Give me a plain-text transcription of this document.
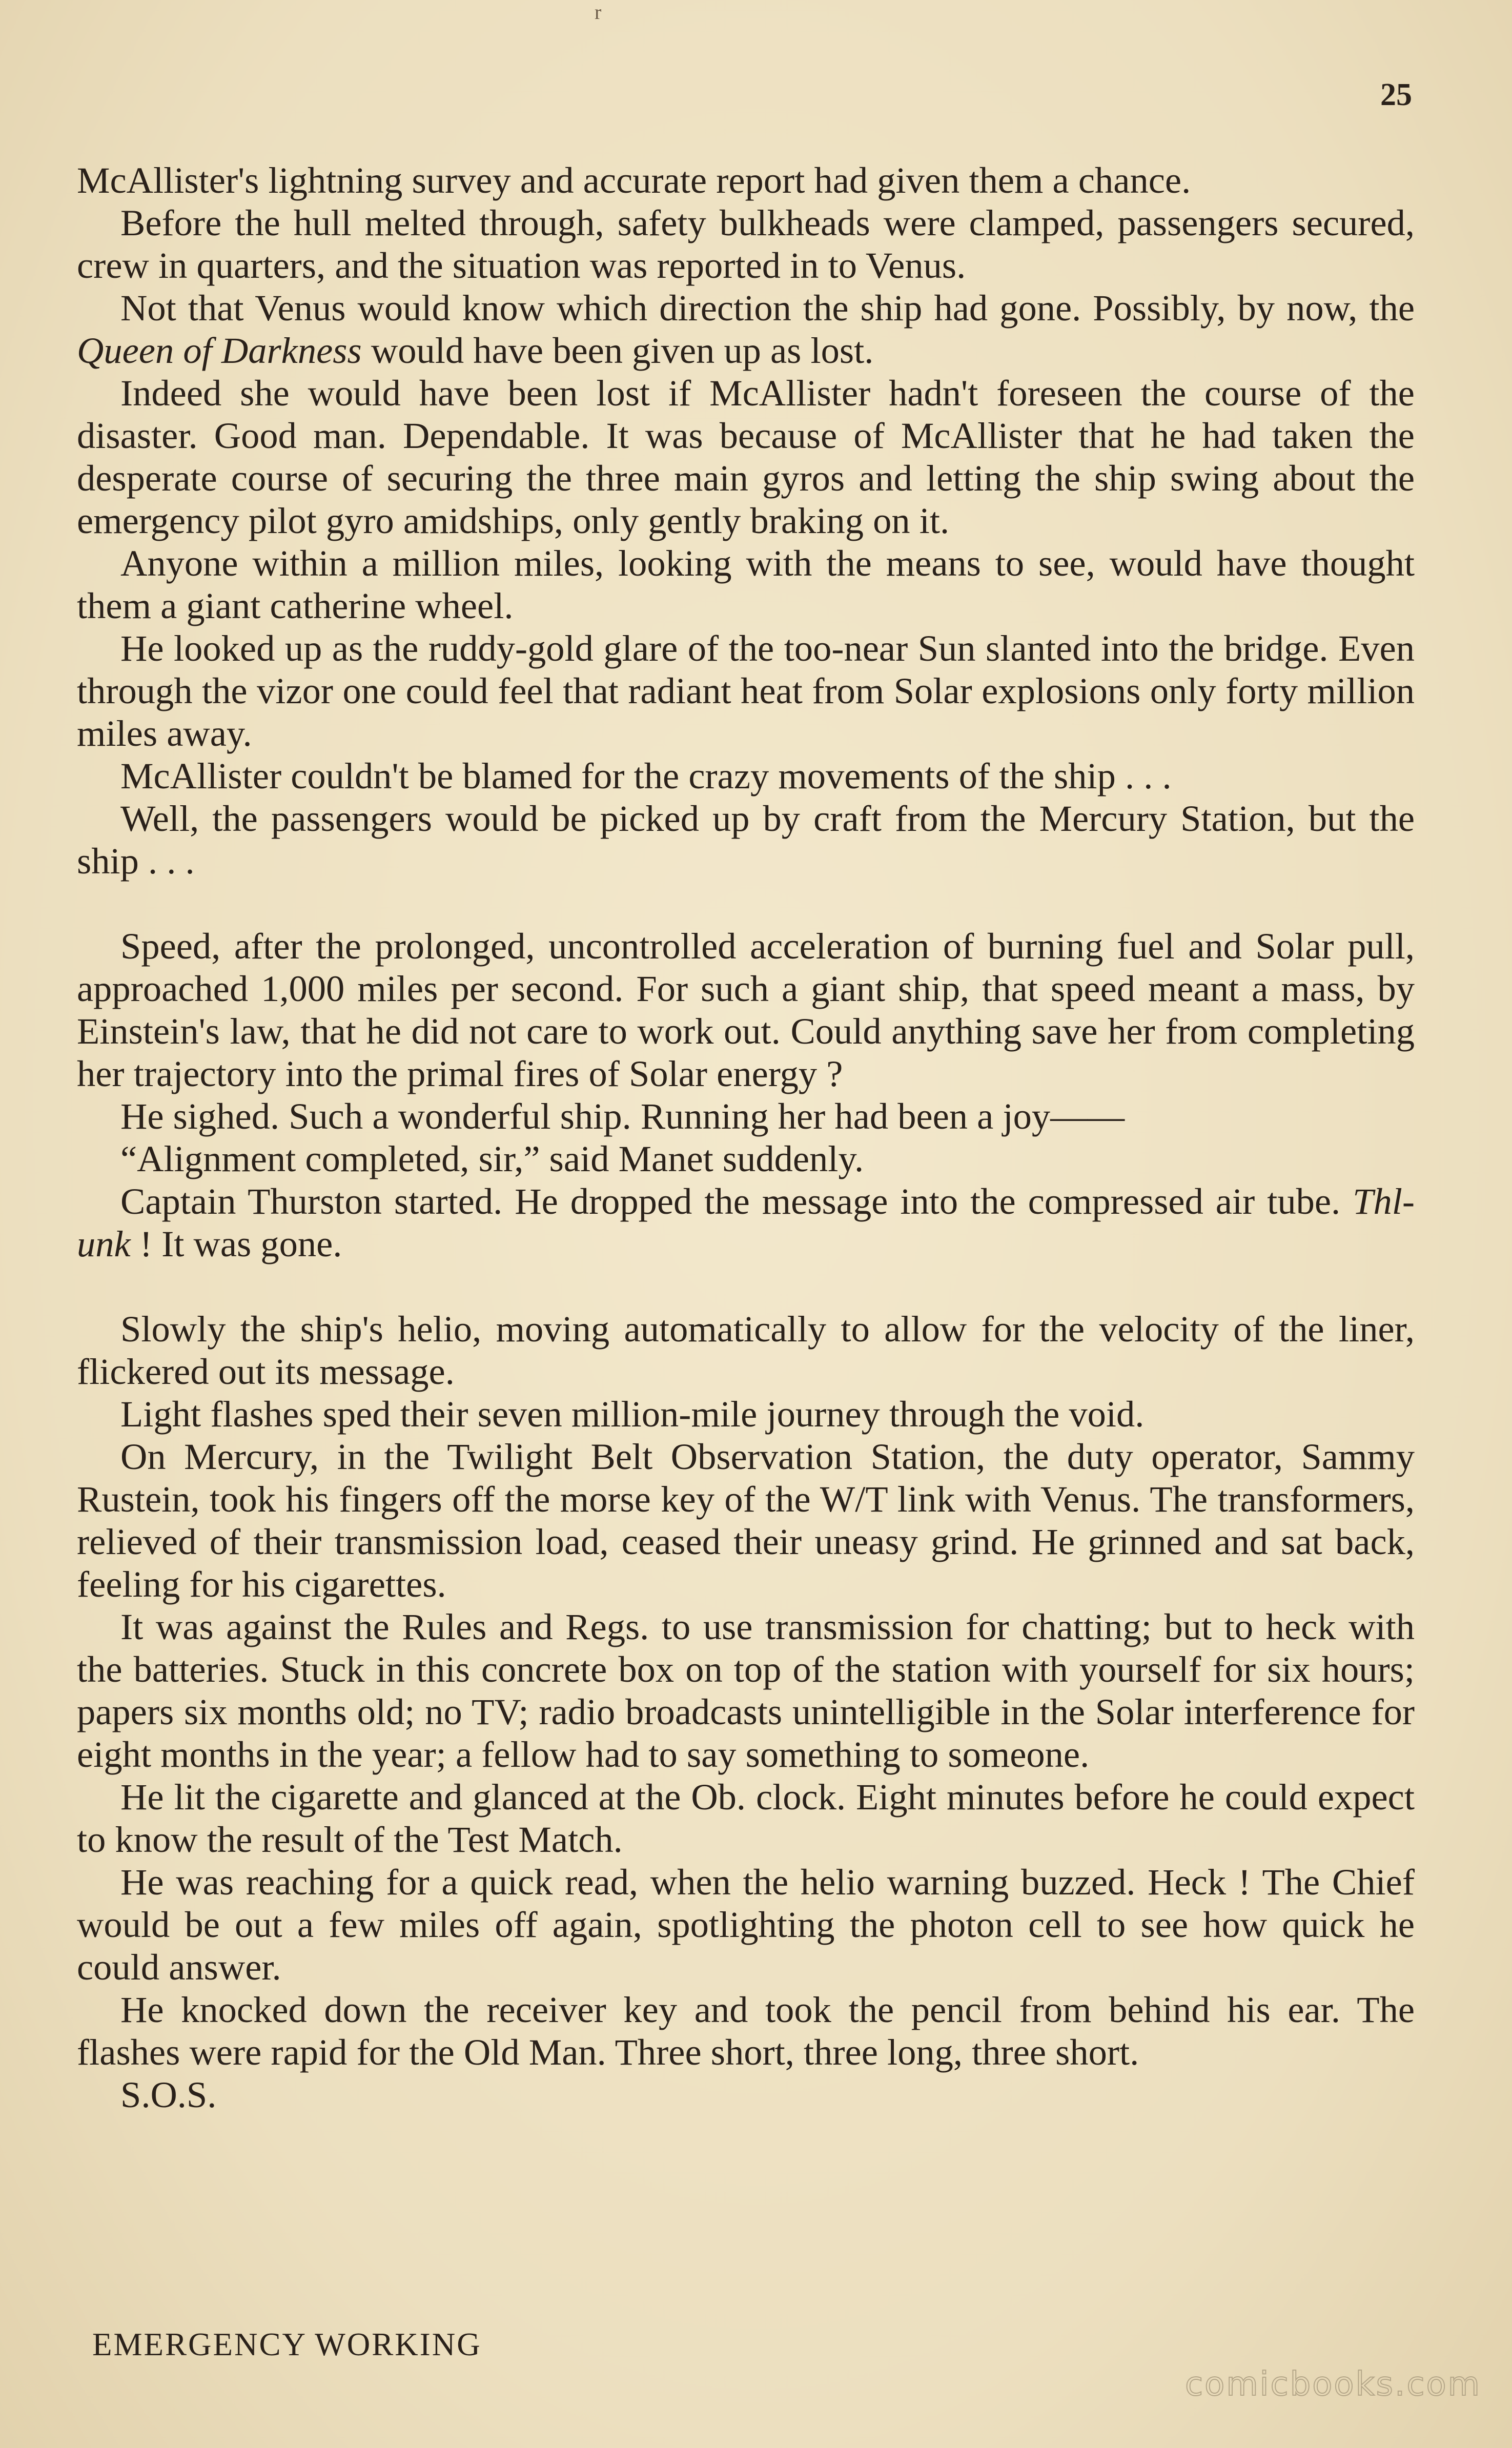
r
25

McAllister's lightning survey and accurate report had given them a chance.

Before the hull melted through, safety bulkheads were clamped, passengers secured, crew in quarters, and the situation was reported in to Venus.

Not that Venus would know which direction the ship had gone. Possibly, by now, the Queen of Darkness would have been given up as lost.

Indeed she would have been lost if McAllister hadn't foreseen the course of the disaster. Good man. Dependable. It was because of McAllister that he had taken the desperate course of securing the three main gyros and letting the ship swing about the emergency pilot gyro amidships, only gently braking on it.

Anyone within a million miles, looking with the means to see, would have thought them a giant catherine wheel.

He looked up as the ruddy-gold glare of the too-near Sun slanted into the bridge. Even through the vizor one could feel that radiant heat from Solar explosions only forty million miles away.

McAllister couldn't be blamed for the crazy movements of the ship . . .

Well, the passengers would be picked up by craft from the Mercury Station, but the ship . . .

Speed, after the prolonged, uncontrolled acceleration of burning fuel and Solar pull, approached 1,000 miles per second. For such a giant ship, that speed meant a mass, by Einstein's law, that he did not care to work out. Could anything save her from completing her trajectory into the primal fires of Solar energy ?

He sighed. Such a wonderful ship. Running her had been a joy——

“Alignment completed, sir,” said Manet suddenly.

Captain Thurston started. He dropped the message into the compressed air tube. Thl-unk ! It was gone.

Slowly the ship's helio, moving automatically to allow for the velocity of the liner, flickered out its message.

Light flashes sped their seven million-mile journey through the void.

On Mercury, in the Twilight Belt Observation Station, the duty operator, Sammy Rustein, took his fingers off the morse key of the W/T link with Venus. The transformers, relieved of their transmission load, ceased their uneasy grind. He grinned and sat back, feeling for his cigarettes.

It was against the Rules and Regs. to use transmission for chatting; but to heck with the batteries. Stuck in this concrete box on top of the station with yourself for six hours; papers six months old; no TV; radio broadcasts unintelligible in the Solar interference for eight months in the year; a fellow had to say something to someone.

He lit the cigarette and glanced at the Ob. clock. Eight minutes before he could expect to know the result of the Test Match.

He was reaching for a quick read, when the helio warning buzzed. Heck ! The Chief would be out a few miles off again, spotlighting the photon cell to see how quick he could answer.

He knocked down the receiver key and took the pencil from behind his ear. The flashes were rapid for the Old Man. Three short, three long, three short.

S.O.S.

EMERGENCY WORKING
comicbooks.com
